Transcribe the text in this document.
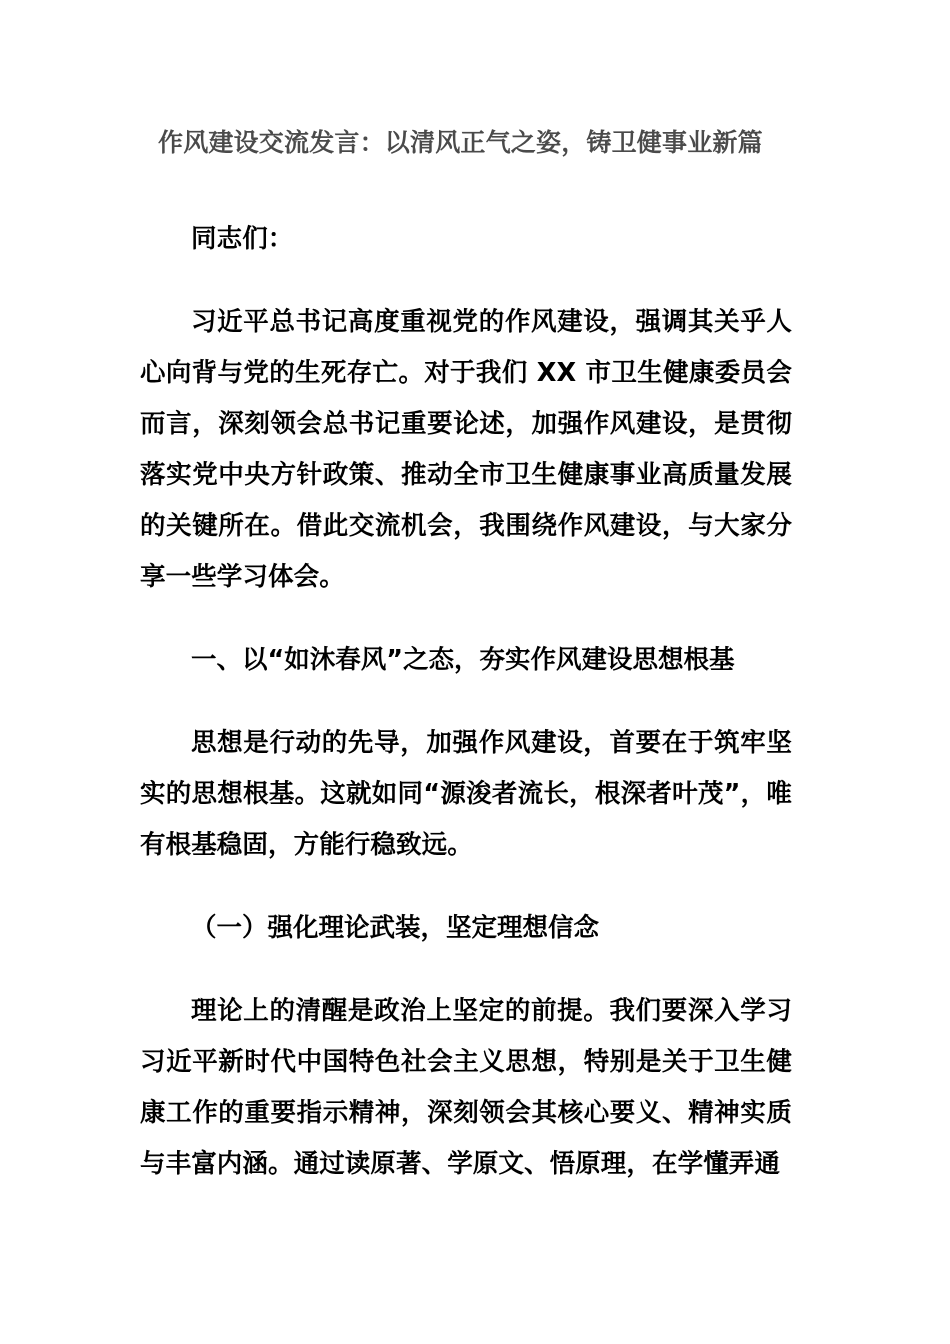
作风建设交流发言：以清风正气之姿，铸卫健事业新篇

同志们：

习近平总书记高度重视党的作风建设，强调其关乎人心向背与党的生死存亡。对于我们 XX 市卫生健康委员会而言，深刻领会总书记重要论述，加强作风建设，是贯彻落实党中央方针政策、推动全市卫生健康事业高质量发展的关键所在。借此交流机会，我围绕作风建设，与大家分享一些学习体会。

一、以“如沐春风”之态，夯实作风建设思想根基

思想是行动的先导，加强作风建设，首要在于筑牢坚实的思想根基。这就如同“源浚者流长，根深者叶茂”，唯有根基稳固，方能行稳致远。

（一）强化理论武装，坚定理想信念

理论上的清醒是政治上坚定的前提。我们要深入学习习近平新时代中国特色社会主义思想，特别是关于卫生健康工作的重要指示精神，深刻领会其核心要义、精神实质与丰富内涵。通过读原著、学原文、悟原理，在学懂弄通
